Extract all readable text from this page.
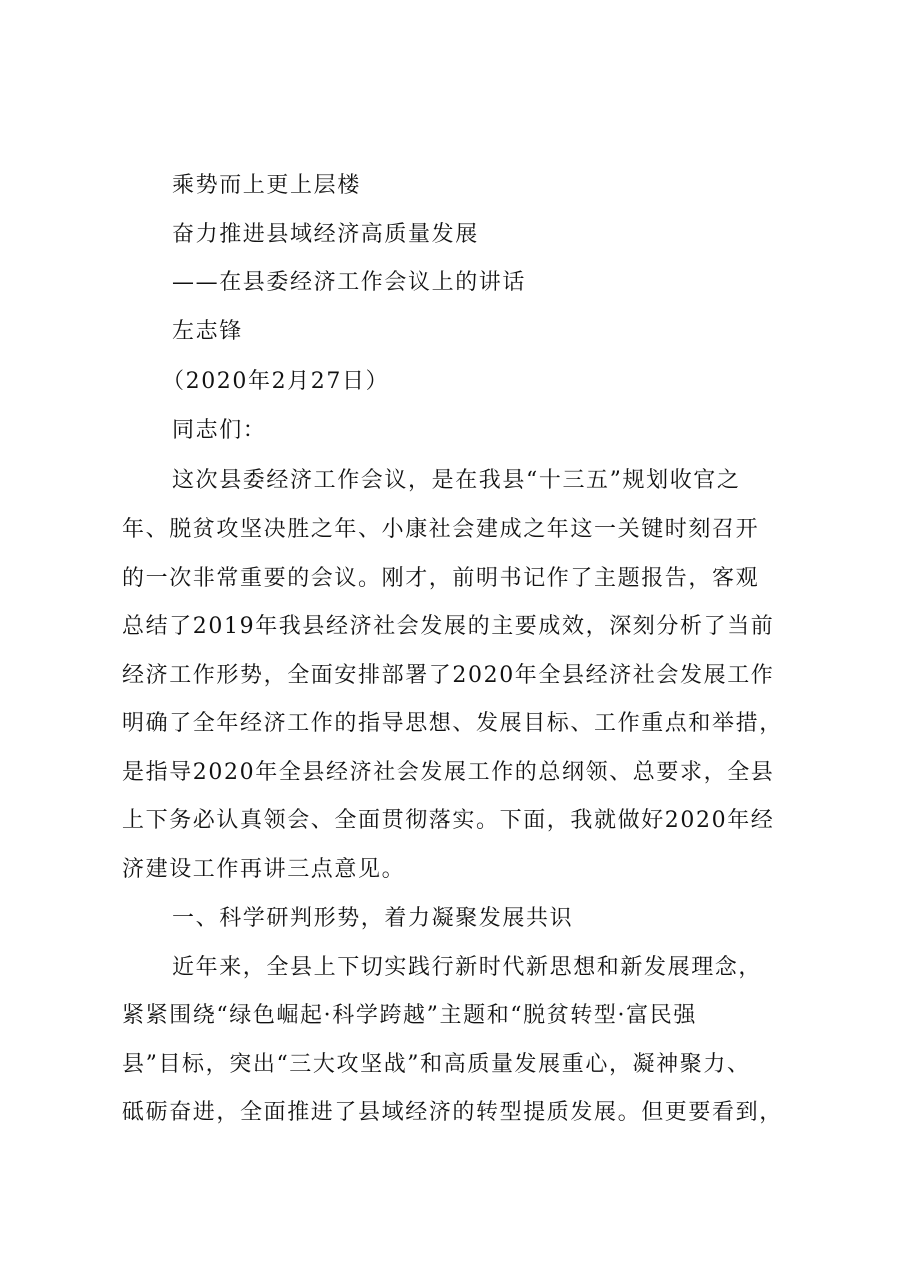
乘势而上更上层楼
奋力推进县域经济高质量发展
——在县委经济工作会议上的讲话
左志锋
（2020年2月27日）
同志们：
这次县委经济工作会议，是在我县“十三五”规划收官之
年、脱贫攻坚决胜之年、小康社会建成之年这一关键时刻召开
的一次非常重要的会议。刚才，前明书记作了主题报告，客观
总结了2019年我县经济社会发展的主要成效，深刻分析了当前
经济工作形势，全面安排部署了2020年全县经济社会发展工作
明确了全年经济工作的指导思想、发展目标、工作重点和举措，
是指导2020年全县经济社会发展工作的总纲领、总要求，全县
上下务必认真领会、全面贯彻落实。下面，我就做好2020年经
济建设工作再讲三点意见。
一、科学研判形势，着力凝聚发展共识
近年来，全县上下切实践行新时代新思想和新发展理念，
紧紧围绕“绿色崛起·科学跨越”主题和“脱贫转型·富民强
县”目标，突出“三大攻坚战”和高质量发展重心，凝神聚力、
砥砺奋进，全面推进了县域经济的转型提质发展。但更要看到，
